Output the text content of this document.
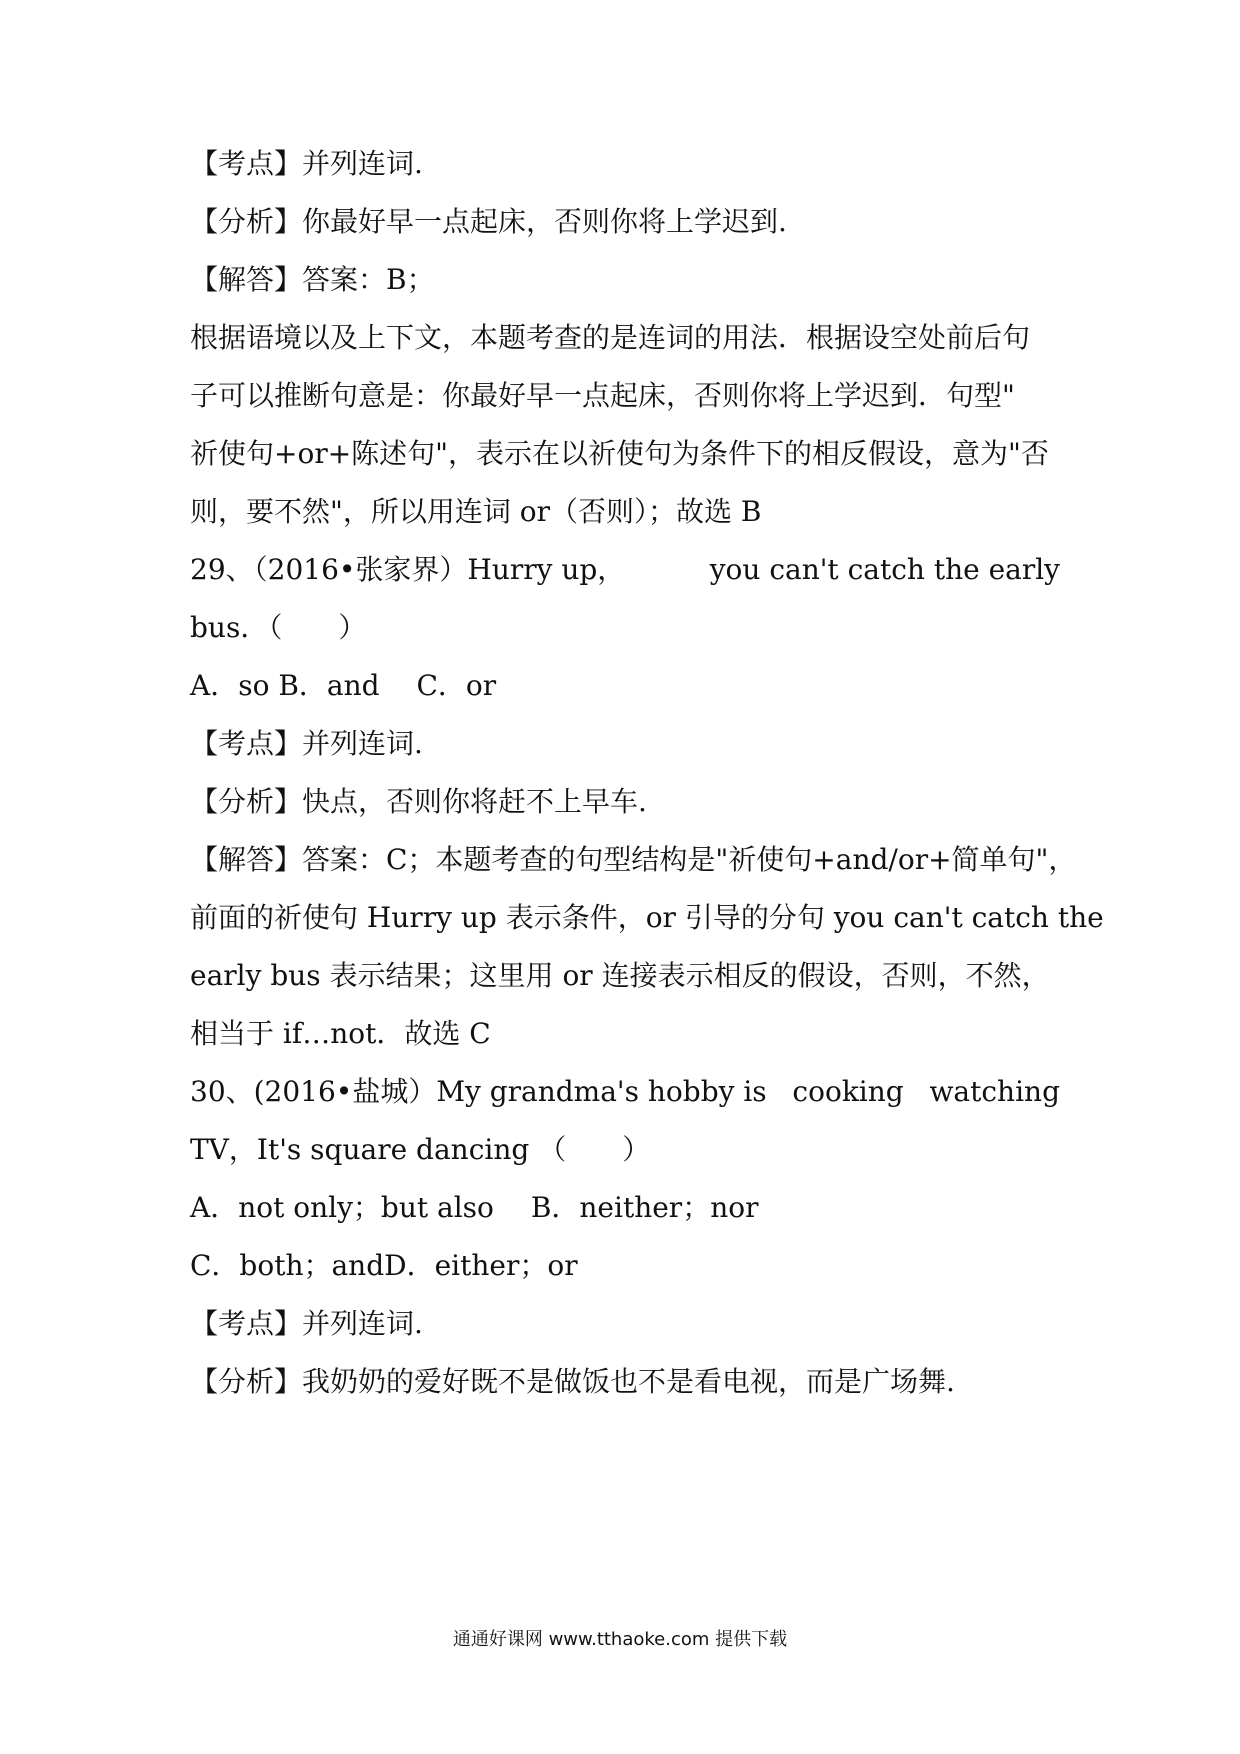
【考点】并列连词.
【分析】你最好早一点起床，否则你将上学迟到.
【解答】答案：B；
根据语境以及上下文，本题考查的是连词的用法．根据设空处前后句
子可以推断句意是：你最好早一点起床，否则你将上学迟到．句型"
祈使句+or+陈述句"，表示在以祈使句为条件下的相反假设，意为"否
则，要不然"，所以用连词 or（否则）；故选 B
29、（2016•张家界）Hurry up，	you can't catch the early
bus．（　　）
A．so B．and　 C．or
【考点】并列连词.
【分析】快点，否则你将赶不上早车.
【解答】答案：C；本题考查的句型结构是"祈使句+and/or+简单句"，
前面的祈使句 Hurry up 表示条件，or 引导的分句 you can't catch the
early bus 表示结果；这里用 or 连接表示相反的假设，否则，不然，
相当于 if…not．故选 C
30、(2016•盐城）My grandma's hobby is cooking watching
TV，It's square dancing （　　）
A．not only；but also　 B．neither；nor
C．both；andD．either；or
【考点】并列连词.
【分析】我奶奶的爱好既不是做饭也不是看电视，而是广场舞.
通通好课网 www.tthaoke.com 提供下载
